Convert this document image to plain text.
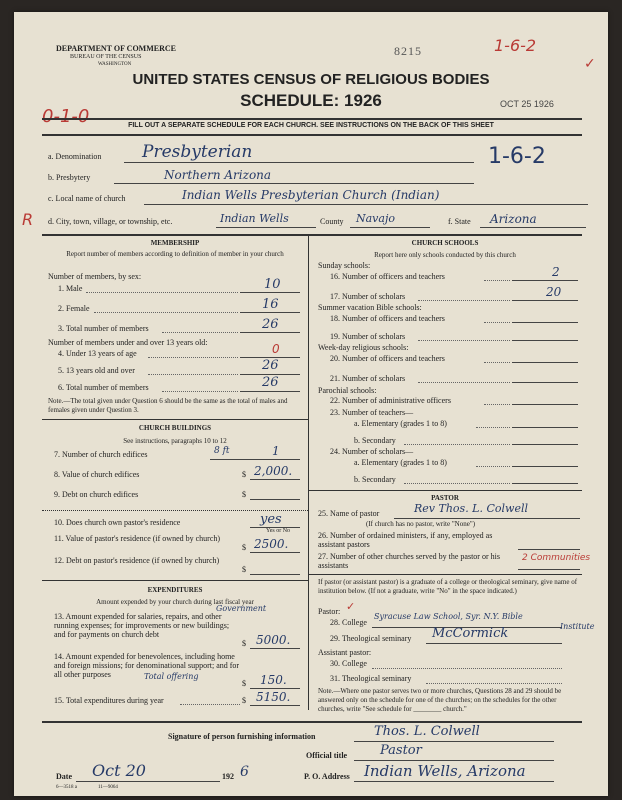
DEPARTMENT OF COMMERCE
BUREAU OF THE CENSUS
WASHINGTON
8215	1-6-2
✓
UNITED STATES CENSUS OF RELIGIOUS BODIES
SCHEDULE: 1926	OCT 25 1926
0-1-0	FILL OUT A SEPARATE SCHEDULE FOR EACH CHURCH. SEE INSTRUCTIONS ON THE BACK OF THIS SHEET
a. Denomination Presbyterian	1-6-2
b. Presbytery	Northern Arizona
c. Local name of church	Indian Wells Presbyterian Church (Indian)
R d. City, town, village, or township, etc.	Indian Wells	County Navajo	f. State Arizona
MEMBERSHIP
Report number of members according to definition of member in your church
Number of members, by sex:
1. Male	10
2. Female	16
3. Total number of members	26
Number of members under and over 13 years old:
4. Under 13 years of age	0
5. 13 years old and over	26
6. Total number of members	26
Note.—The total given under Question 6 should be the same as the total of males and females given under Question 3.
CHURCH BUILDINGS
See instructions, paragraphs 10 to 12
7. Number of church edifices	8 ft	1
8. Value of church edifices	$ 2,000.
9. Debt on church edifices	$
10. Does church own pastor's residence	yes
Yes or No
11. Value of pastor's residence (if owned by church)
$ 2500.
12. Debt on pastor's residence (if owned by church)
$
EXPENDITURES
Amount expended by your church during last fiscal year
Government
13. Amount expended for salaries, repairs, and other running expenses; for improvements or new buildings; and for payments on church debt
$ 5000.
14. Amount expended for benevolences, including home and foreign missions; for denominational support; and for all other purposes	Total offering
$ 150.
15. Total expenditures during year	$ 5150.
CHURCH SCHOOLS
Report here only schools conducted by this church
Sunday schools:
16. Number of officers and teachers	2
17. Number of scholars	20
Summer vacation Bible schools:
18. Number of officers and teachers
19. Number of scholars
Week-day religious schools:
20. Number of officers and teachers
21. Number of scholars
Parochial schools:
22. Number of administrative officers
23. Number of teachers—
a. Elementary (grades 1 to 8)
b. Secondary
24. Number of scholars—
a. Elementary (grades 1 to 8)
b. Secondary
PASTOR
25. Name of pastor	Rev Thos. L. Colwell
(If church has no pastor, write "None")
26. Number of ordained ministers, if any, employed as assistant pastors
27. Number of other churches served by the pastor or his assistants
2 Communities
If pastor (or assistant pastor) is a graduate of a college or theological seminary, give name of institution below. (If not a graduate, write "No" in the space indicated.)
Pastor: ✓
28. College
Syracuse Law School, Syr. N.Y. Bible
Institute
29. Theological seminary McCormick
Assistant pastor:
30. College
31. Theological seminary
Note.—Where one pastor serves two or more churches, Questions 28 and 29 should be answered only on the schedule for one of the churches; on the schedules for the other churches, write "See schedule for ________ church."
Signature of person furnishing information	Thos. L. Colwell
Official title	Pastor
Date Oct 20	192 6	P. O. Address Indian Wells, Arizona
6—3518 a	11—9064
